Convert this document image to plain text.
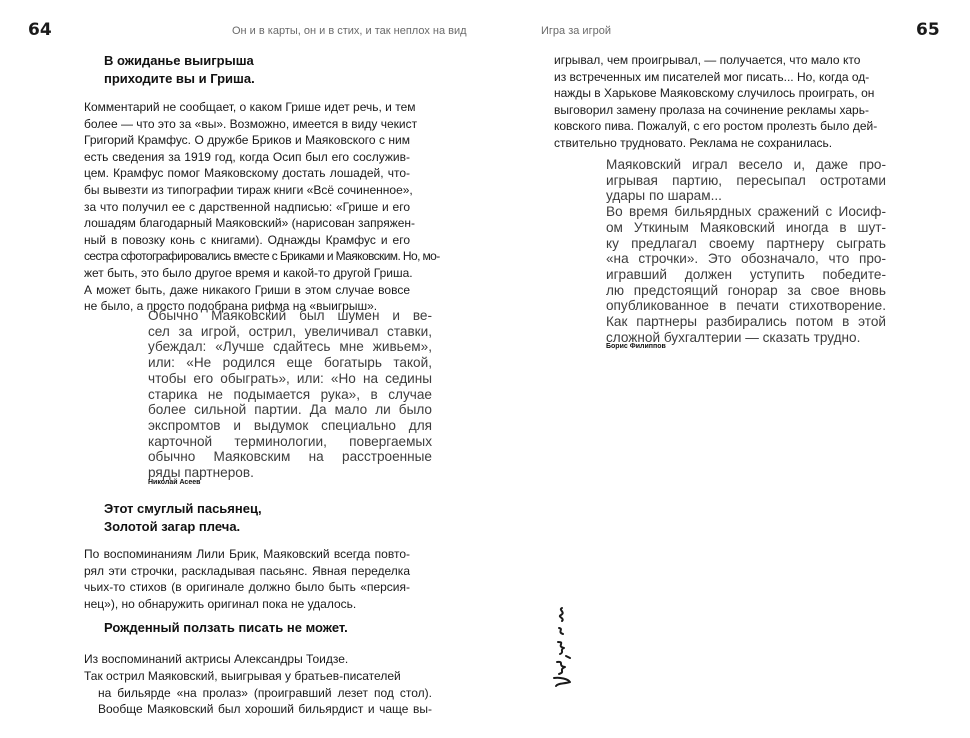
64	Он и в карты, он и в стих, и так неплох на вид
В ожиданье выигрыша
приходите вы и Гриша.
Комментарий не сообщает, о каком Грише идет речь, и тем
более — что это за «вы». Возможно, имеется в виду чекист
Григорий Крамфус. О дружбе Бриков и Маяковского с ним
есть сведения за 1919 год, когда Осип был его сослужив-
цем. Крамфус помог Маяковскому достать лошадей, что-
бы вывезти из типографии тираж книги «Всё сочиненное»,
за что получил ее с дарственной надписью: «Грише и его
лошадям благодарный Маяковский» (нарисован запряжен-
ный в повозку конь с книгами). Однажды Крамфус и его
сестра сфотографировались вместе с Бриками и Маяковским. Но, мо-
жет быть, это было другое время и какой-то другой Гриша.
А может быть, даже никакого Гриши в этом случае вовсе
не было, а просто подобрана рифма на «выигрыш».
Обычно Маяковский был шумен и ве-
сел за игрой, острил, увеличивал ставки,
убеждал: «Лучше сдайтесь мне живьем»,
или: «Не родился еще богатырь такой,
чтобы его обыграть», или: «Но на седины
старика не подымается рука», в случае
более сильной партии. Да мало ли было
экспромтов и выдумок специально для
карточной терминологии, повергаемых
обычно Маяковским на расстроенные
ряды партнеров.
Николай Асеев
Этот смуглый пасьянец,
Золотой загар плеча.
По воспоминаниям Лили Брик, Маяковский всегда повто-
рял эти строчки, раскладывая пасьянс. Явная переделка
чьих-то стихов (в оригинале должно было быть «персия-
нец»), но обнаружить оригинал пока не удалось.
Рожденный ползать писать не может.
Из воспоминаний актрисы Александры Тоидзе.
Так острил Маяковский, выигрывая у братьев-писателей
на бильярде «на пролаз» (проигравший лезет под стол).
Вообще Маяковский был хороший бильярдист и чаще вы-
Игра за игрой	65
игрывал, чем проигрывал, — получается, что мало кто
из встреченных им писателей мог писать... Но, когда од-
нажды в Харькове Маяковскому случилось проиграть, он
выговорил замену пролаза на сочинение рекламы харь-
ковского пива. Пожалуй, с его ростом пролезть было дей-
ствительно трудновато. Реклама не сохранилась.
Маяковский играл весело и, даже про-
игрывая партию, пересыпал остротами
удары по шарам...
Во время бильярдных сражений с Иосиф-
ом Уткиным Маяковский иногда в шут-
ку предлагал своему партнеру сыграть
«на строчки». Это обозначало, что про-
игравший должен уступить победите-
лю предстоящий гонорар за свое вновь
опубликованное в печати стихотворение.
Как партнеры разбирались потом в этой
сложной бухгалтерии — сказать трудно.
Борис Филиппов
